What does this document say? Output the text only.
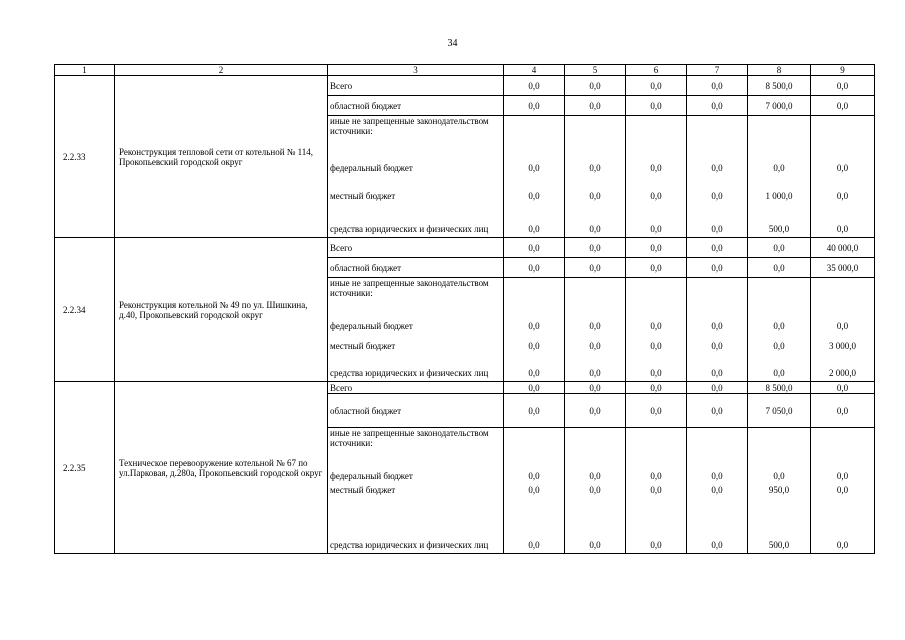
34
1	2	3	4	5	6	7	8	9
2.2.33	Реконструкция тепловой сети от котельной № 114, Прокопьевский городской округ	Всего	0,0	0,0	0,0	0,0	8 500,0	0,0
		областной бюджет	0,0	0,0	0,0	0,0	7 000,0	0,0
		иные не запрещенные законодательством источники:						
		федеральный бюджет	0,0	0,0	0,0	0,0	0,0	0,0
		местный бюджет	0,0	0,0	0,0	0,0	1 000,0	0,0
		средства юридических и физических лиц	0,0	0,0	0,0	0,0	500,0	0,0
2.2.34	Реконструкция котельной № 49 по ул. Шишкина, д.40, Прокопьевский городской округ	Всего	0,0	0,0	0,0	0,0	0,0	40 000,0
		областной бюджет	0,0	0,0	0,0	0,0	0,0	35 000,0
		иные не запрещенные законодательством источники:						
		федеральный бюджет	0,0	0,0	0,0	0,0	0,0	0,0
		местный бюджет	0,0	0,0	0,0	0,0	0,0	3 000,0
		средства юридических и физических лиц	0,0	0,0	0,0	0,0	0,0	2 000,0
2.2.35	Техническое перевооружение котельной № 67 по ул.Парковая, д.280а, Прокопьевский городской округ	Всего	0,0	0,0	0,0	0,0	8 500,0	0,0
		областной бюджет	0,0	0,0	0,0	0,0	7 050,0	0,0
		иные не запрещенные законодательством источники:						
		федеральный бюджет	0,0	0,0	0,0	0,0	0,0	0,0
		местный бюджет	0,0	0,0	0,0	0,0	950,0	0,0
		средства юридических и физических лиц	0,0	0,0	0,0	0,0	500,0	0,0
